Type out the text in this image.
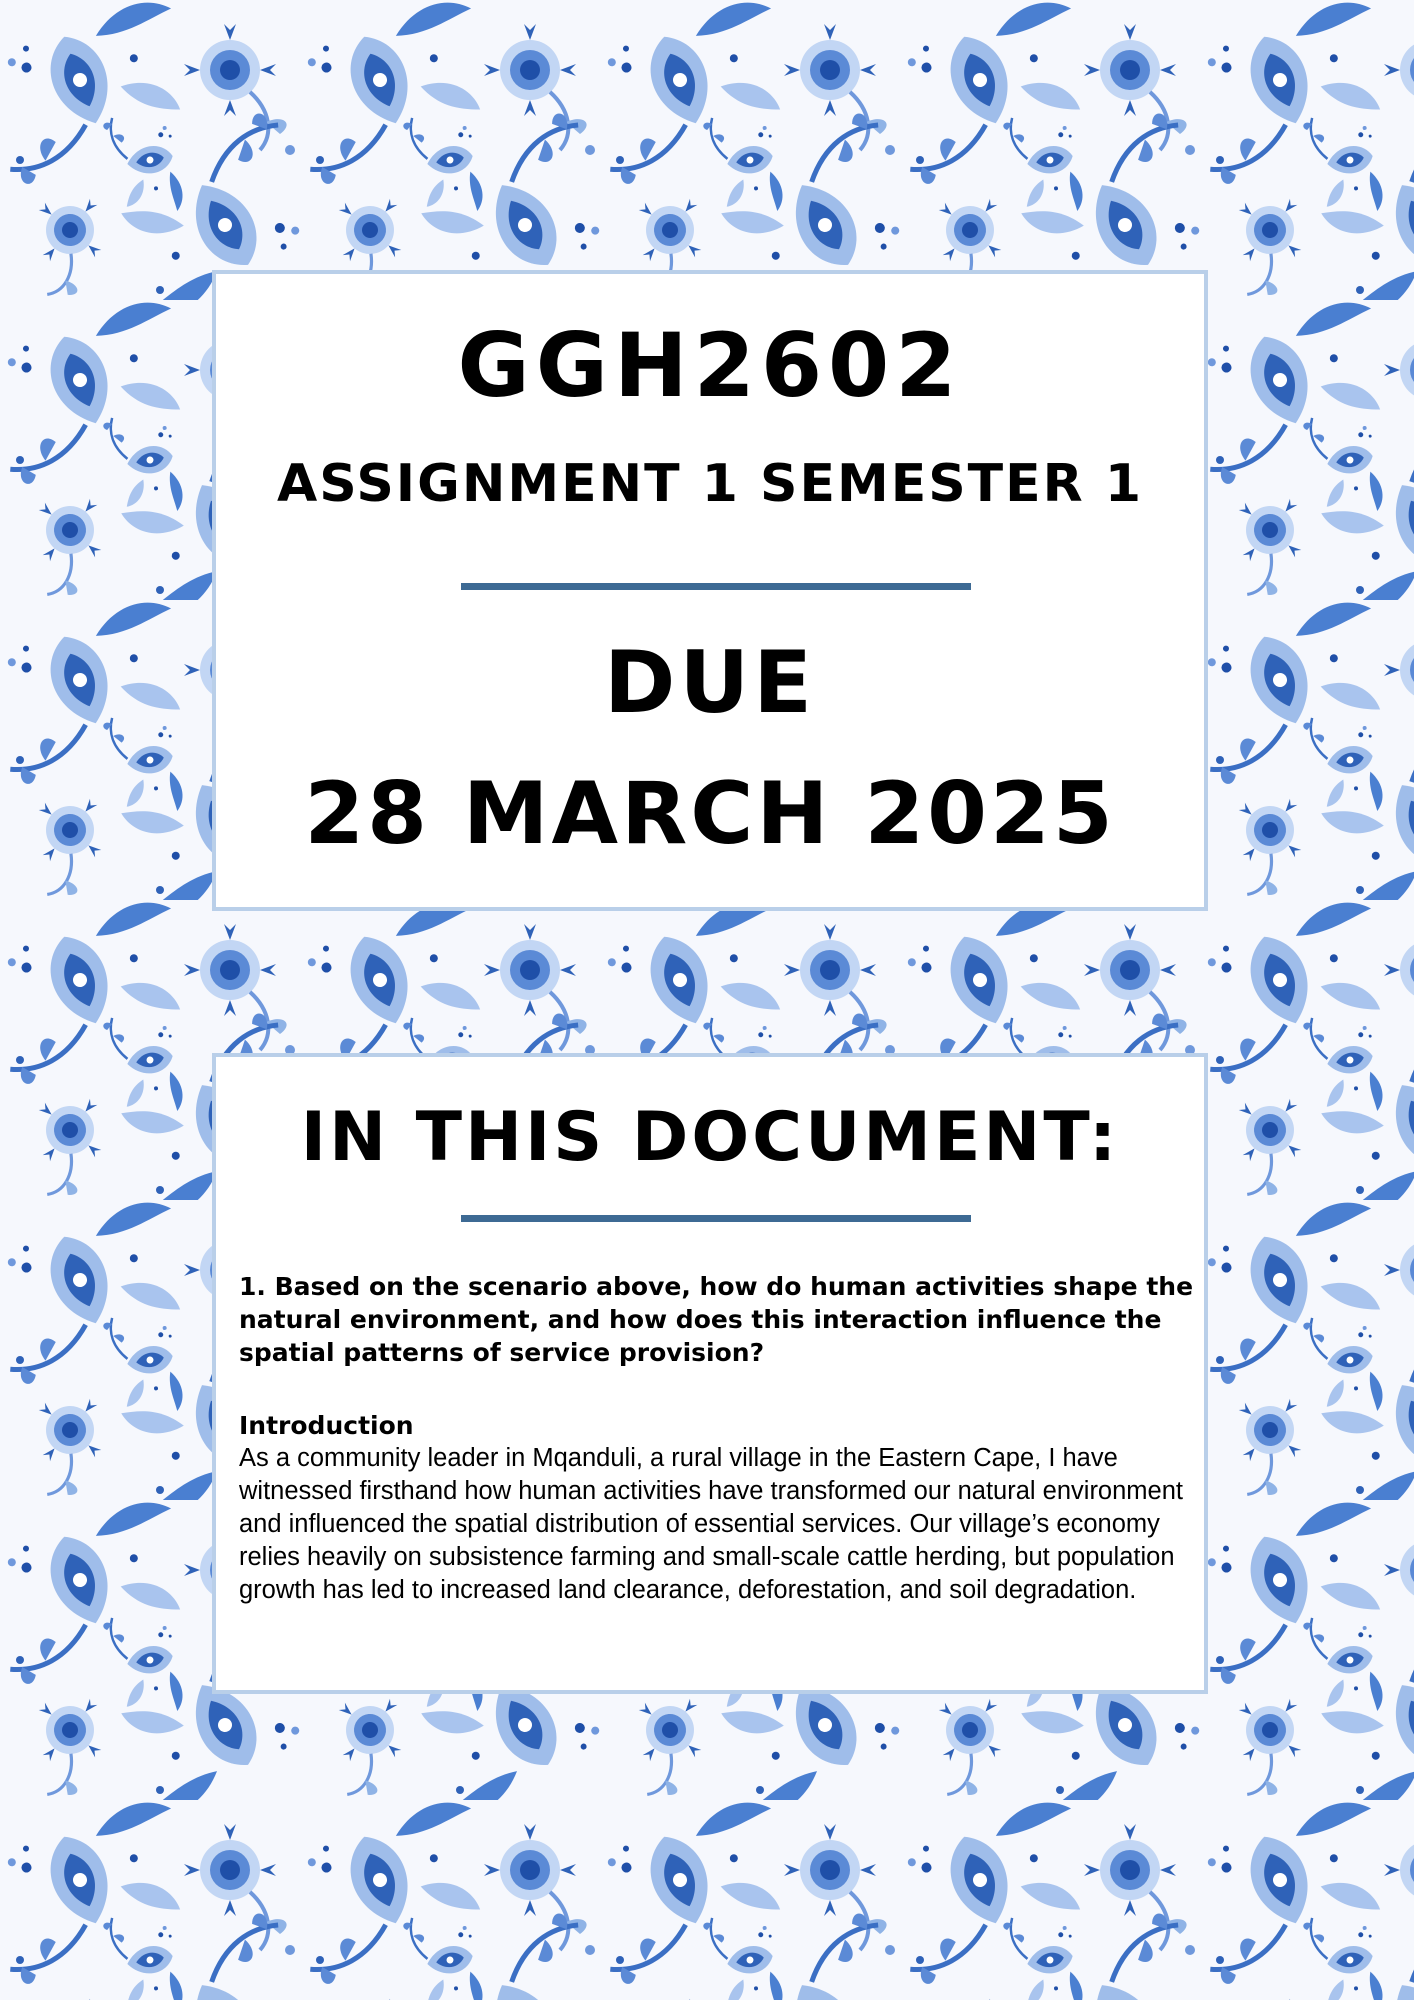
GGH2602
ASSIGNMENT 1 SEMESTER 1
DUE
28 MARCH 2025
IN THIS DOCUMENT:
1. Based on the scenario above, how do human activities shape the natural environment, and how does this interaction influence the spatial patterns of service provision?
Introduction
As a community leader in Mqanduli, a rural village in the Eastern Cape, I have witnessed firsthand how human activities have transformed our natural environment and influenced the spatial distribution of essential services. Our village’s economy relies heavily on subsistence farming and small-scale cattle herding, but population growth has led to increased land clearance, deforestation, and soil degradation.
